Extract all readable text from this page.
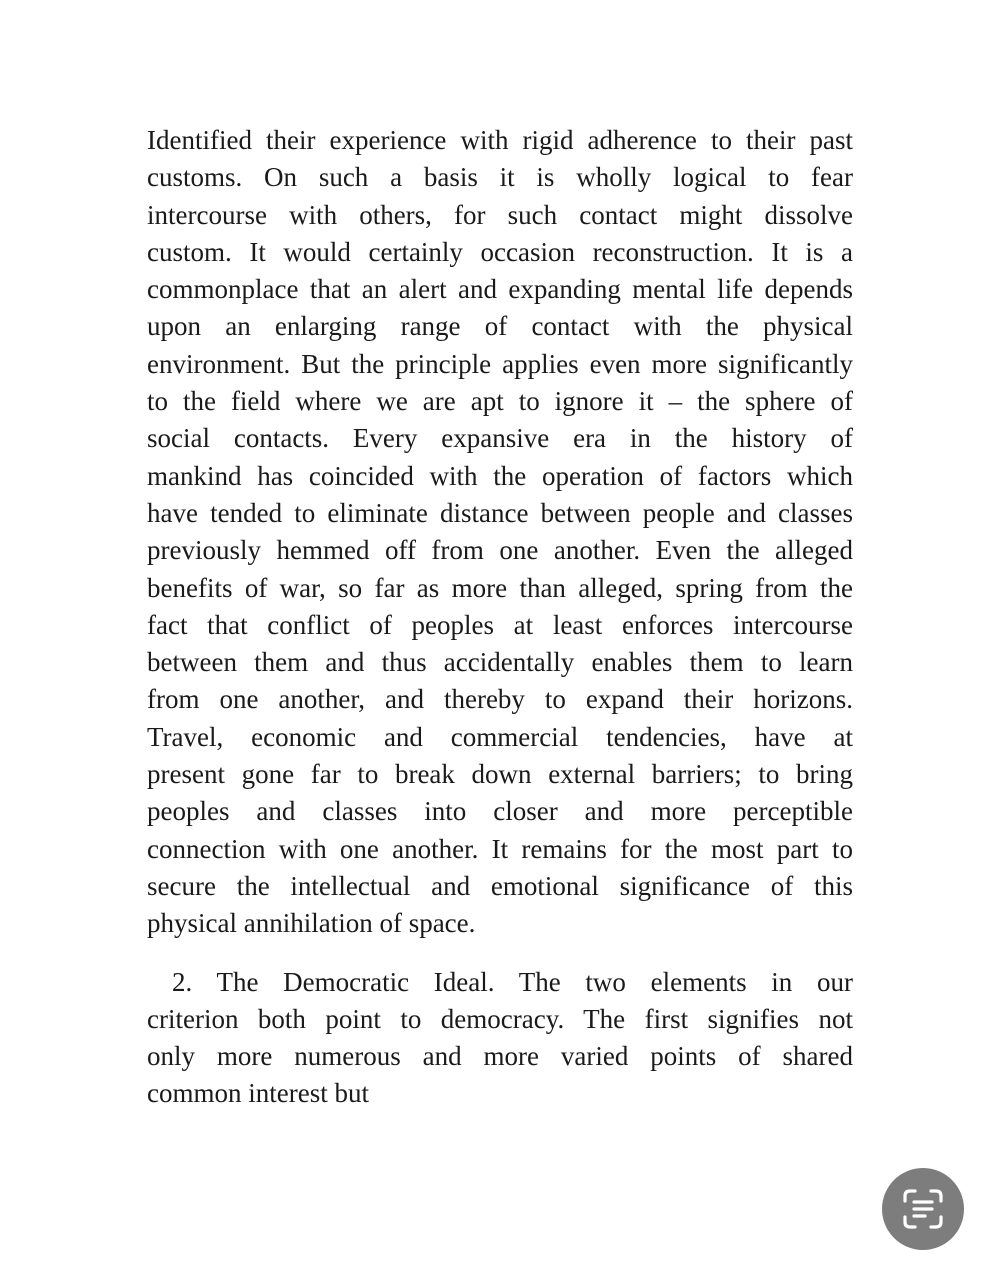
Identified their experience with rigid adherence to their past
customs. On such a basis it is wholly logical to fear
intercourse with others, for such contact might dissolve
custom. It would certainly occasion reconstruction. It is a
commonplace that an alert and expanding mental life depends
upon an enlarging range of contact with the physical
environment. But the principle applies even more significantly
to the field where we are apt to ignore it – the sphere of
social contacts. Every expansive era in the history of
mankind has coincided with the operation of factors which
have tended to eliminate distance between people and classes
previously hemmed off from one another. Even the alleged
benefits of war, so far as more than alleged, spring from the
fact that conflict of peoples at least enforces intercourse
between them and thus accidentally enables them to learn
from one another, and thereby to expand their horizons.
Travel, economic and commercial tendencies, have at
present gone far to break down external barriers; to bring
peoples and classes into closer and more perceptible
connection with one another. It remains for the most part to
secure the intellectual and emotional significance of this
physical annihilation of space.
2. The Democratic Ideal. The two elements in our
criterion both point to democracy. The first signifies not
only more numerous and more varied points of shared
common interest but
